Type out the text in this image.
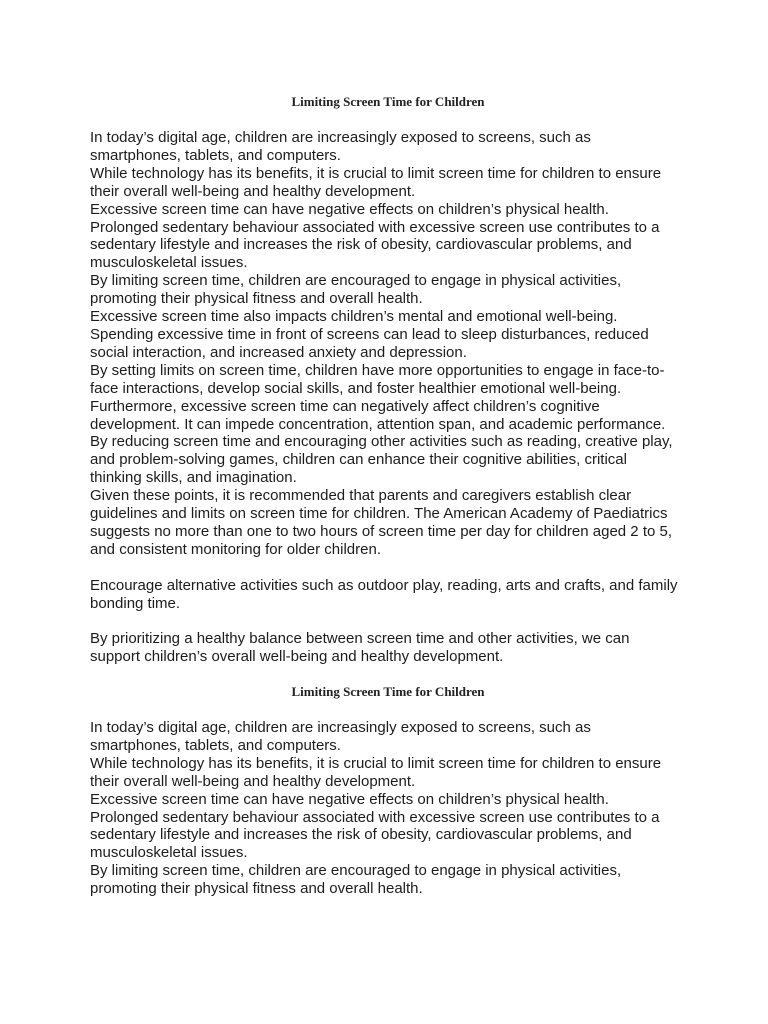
Limiting Screen Time for Children

In today’s digital age, children are increasingly exposed to screens, such as smartphones, tablets, and computers.

While technology has its benefits, it is crucial to limit screen time for children to ensure their overall well-being and healthy development.

Excessive screen time can have negative effects on children’s physical health.

Prolonged sedentary behaviour associated with excessive screen use contributes to a sedentary lifestyle and increases the risk of obesity, cardiovascular problems, and musculoskeletal issues.

By limiting screen time, children are encouraged to engage in physical activities, promoting their physical fitness and overall health.

Excessive screen time also impacts children’s mental and emotional well-being.

Spending excessive time in front of screens can lead to sleep disturbances, reduced social interaction, and increased anxiety and depression.

By setting limits on screen time, children have more opportunities to engage in face-to-face interactions, develop social skills, and foster healthier emotional well-being.

Furthermore, excessive screen time can negatively affect children’s cognitive development. It can impede concentration, attention span, and academic performance.

By reducing screen time and encouraging other activities such as reading, creative play, and problem-solving games, children can enhance their cognitive abilities, critical thinking skills, and imagination.

Given these points, it is recommended that parents and caregivers establish clear guidelines and limits on screen time for children. The American Academy of Paediatrics suggests no more than one to two hours of screen time per day for children aged 2 to 5, and consistent monitoring for older children.

Encourage alternative activities such as outdoor play, reading, arts and crafts, and family bonding time.

By prioritizing a healthy balance between screen time and other activities, we can support children’s overall well-being and healthy development.

Limiting Screen Time for Children

In today’s digital age, children are increasingly exposed to screens, such as smartphones, tablets, and computers.

While technology has its benefits, it is crucial to limit screen time for children to ensure their overall well-being and healthy development.

Excessive screen time can have negative effects on children’s physical health.

Prolonged sedentary behaviour associated with excessive screen use contributes to a sedentary lifestyle and increases the risk of obesity, cardiovascular problems, and musculoskeletal issues.

By limiting screen time, children are encouraged to engage in physical activities, promoting their physical fitness and overall health.
